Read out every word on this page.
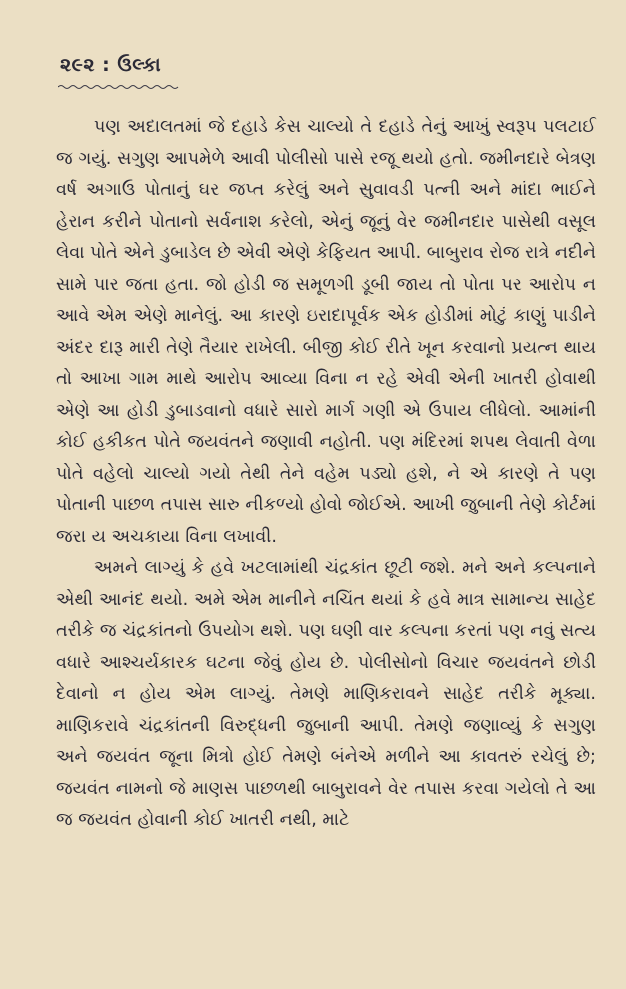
૨૯૨ : ઉલ્કા

પણ અદાલતમાં જે દહાડે કેસ ચાલ્યો તે દહાડે તેનું આખું સ્વરૂપ પલટાઈ જ ગયું. સગુણ આપમેળે આવી પોલીસો પાસે રજૂ થયો હતો. જમીનદારે બેત્રણ વર્ષ અગાઉ પોતાનું ઘર જપ્ત કરેલું અને સુવાવડી પત્ની અને માંદા ભાઈને હેરાન કરીને પોતાનો સર્વનાશ કરેલો, એનું જૂનું વેર જમીનદાર પાસેથી વસૂલ લેવા પોતે એને ડુબાડેલ છે એવી એણે કેફિયત આપી. બાબુરાવ રોજ રાત્રે નદીને સામે પાર જતા હતા. જો હોડી જ સમૂળગી ડૂબી જાય તો પોતા પર આરોપ ન આવે એમ એણે માનેલું. આ કારણે ઇરાદાપૂર્વક એક હોડીમાં મોટું કાણું પાડીને અંદર દારૂ મારી તેણે તૈયાર રાખેલી. બીજી કોઈ રીતે ખૂન કરવાનો પ્રયત્ન થાય તો આખા ગામ માથે આરોપ આવ્યા વિના ન રહે એવી એની ખાતરી હોવાથી એણે આ હોડી ડુબાડવાનો વધારે સારો માર્ગ ગણી એ ઉપાય લીધેલો. આમાંની કોઈ હકીકત પોતે જયવંતને જણાવી નહોતી. પણ મંદિરમાં શપથ લેવાતી વેળા પોતે વહેલો ચાલ્યો ગયો તેથી તેને વહેમ પડ્યો હશે, ને એ કારણે તે પણ પોતાની પાછળ તપાસ સારુ નીકળ્યો હોવો જોઈએ. આખી જુબાની તેણે કોર્ટમાં જરા ય અચકાયા વિના લખાવી.

અમને લાગ્યું કે હવે ખટલામાંથી ચંદ્રકાંત છૂટી જશે. મને અને કલ્પનાને એથી આનંદ થયો. અમે એમ માનીને નચિંત થયાં કે હવે માત્ર સામાન્ય સાહેદ તરીકે જ ચંદ્રકાંતનો ઉપયોગ થશે. પણ ઘણી વાર કલ્પના કરતાં પણ નવું સત્ય વધારે આશ્ચર્યકારક ઘટના જેવું હોય છે. પોલીસોનો વિચાર જયવંતને છોડી દેવાનો ન હોય એમ લાગ્યું. તેમણે માણિકરાવને સાહેદ તરીકે મૂક્યા. માણિકરાવે ચંદ્રકાંતની વિરુદ્ધની જુબાની આપી. તેમણે જણાવ્યું કે સગુણ અને જયવંત જૂના મિત્રો હોઈ તેમણે બંનેએ મળીને આ કાવતરું રચેલું છે; જયવંત નામનો જે માણસ પાછળથી બાબુરાવને વેર તપાસ કરવા ગયેલો તે આ જ જયવંત હોવાની કોઈ ખાતરી નથી, માટે
